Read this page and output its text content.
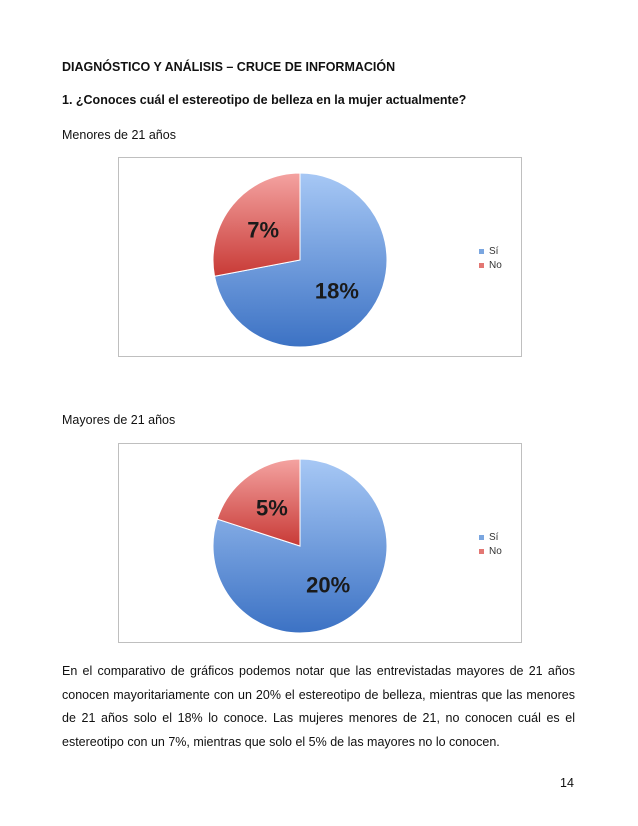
DIAGNÓSTICO Y ANÁLISIS – CRUCE DE INFORMACIÓN
1. ¿Conoces cuál el estereotipo de belleza en la mujer actualmente?
Menores de 21 años
18%
7%
Sí
No
Mayores de 21 años
20%
5%
Sí
No
En el comparativo de gráficos podemos notar que las entrevistadas mayores de 21 años conocen mayoritariamente con un 20% el estereotipo de belleza, mientras que las menores de 21 años solo el 18% lo conoce. Las mujeres menores de 21, no conocen cuál es el estereotipo con un 7%, mientras que solo el 5% de las mayores no lo conocen.
14
